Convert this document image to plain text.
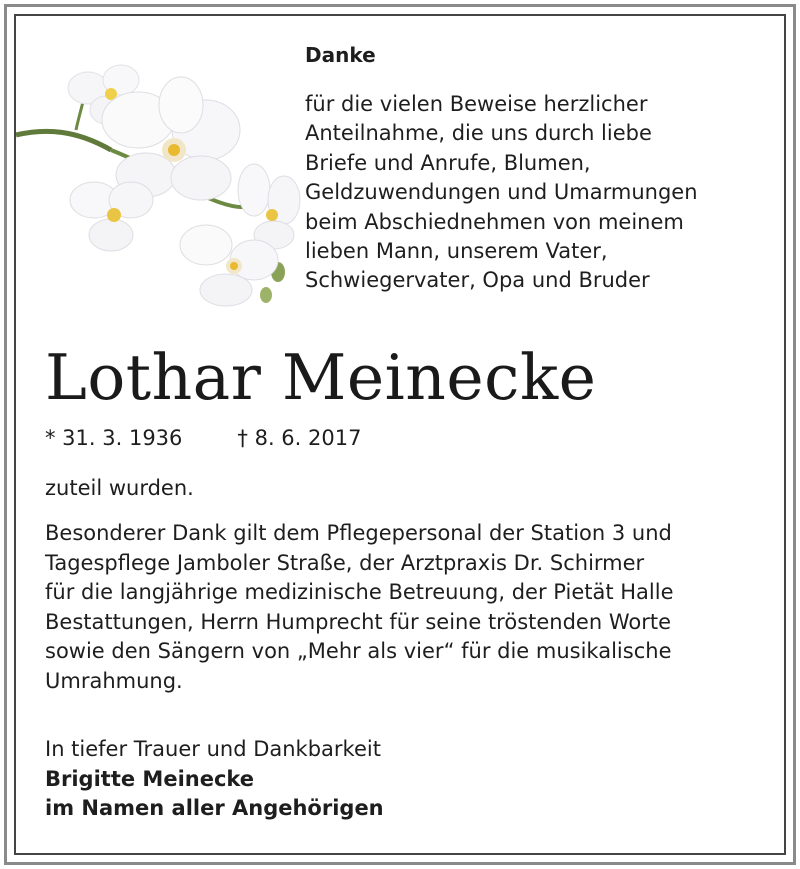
Danke
für die vielen Beweise herzlicher
Anteilnahme, die uns durch liebe
Briefe und Anrufe, Blumen,
Geldzuwendungen und Umarmungen
beim Abschiednehmen von meinem
lieben Mann, unserem Vater,
Schwiegervater, Opa und Bruder
Lothar Meinecke
* 31. 3. 1936	† 8. 6. 2017
zuteil wurden.
Besonderer Dank gilt dem Pflegepersonal der Station 3 und
Tagespflege Jamboler Straße, der Arztpraxis Dr. Schirmer
für die langjährige medizinische Betreuung, der Pietät Halle
Bestattungen, Herrn Humprecht für seine tröstenden Worte
sowie den Sängern von „Mehr als vier“ für die musikalische
Umrahmung.
In tiefer Trauer und Dankbarkeit
Brigitte Meinecke
im Namen aller Angehörigen
